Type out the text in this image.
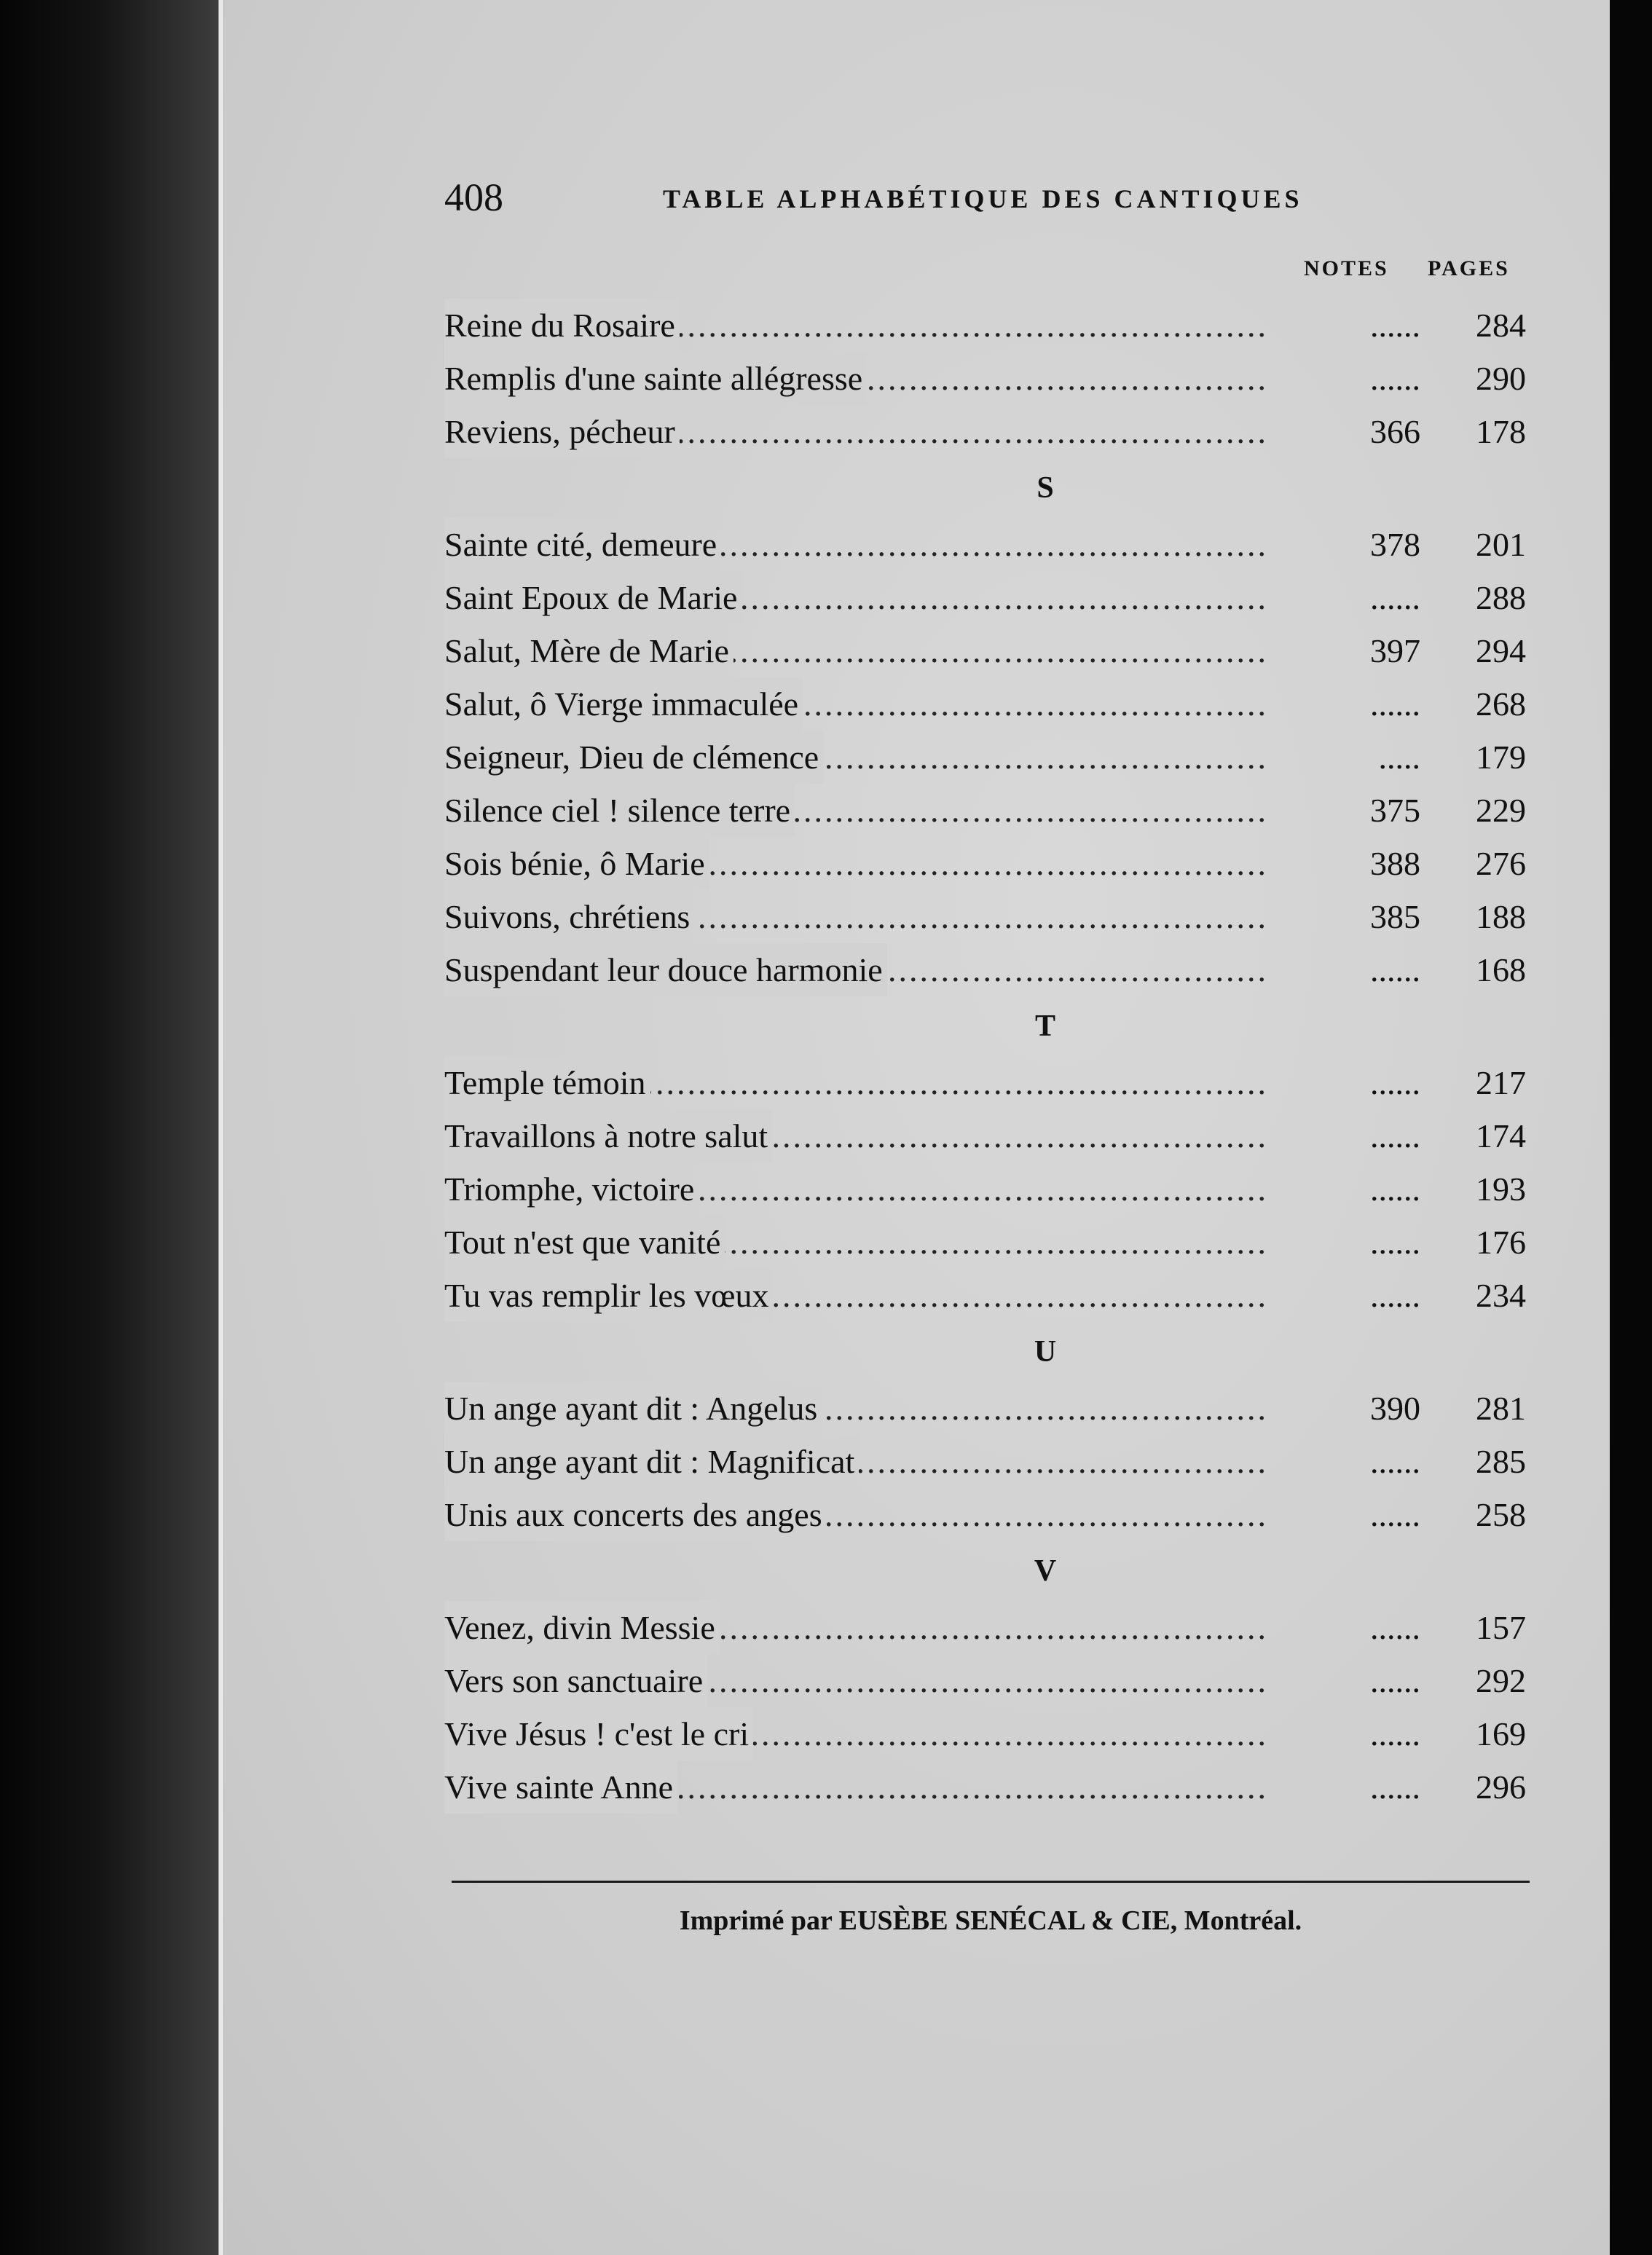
408	TABLE ALPHABÉTIQUE DES CANTIQUES
NOTES PAGES
.....
Reine du Rosaire	......	284
.....
Remplis d'une sainte allégresse	......	290
.....
Reviens, pécheur	366	178
S
.....
Sainte cité, demeure	378	201
.....
Saint Epoux de Marie	......	288
.....
Salut, Mère de Marie	397	294
.....
Salut, ô Vierge immaculée	......	268
.....
Seigneur, Dieu de clémence	.....	179
.....
Silence ciel ! silence terre	375	229
.....
Sois bénie, ô Marie	388	276
.....
Suivons, chrétiens	385	188
.....
Suspendant leur douce harmonie	......	168
T
.....
Temple témoin	......	217
.....
Travaillons à notre salut	......	174
.....
Triomphe, victoire	......	193
.....
Tout n'est que vanité	......	176
.....
Tu vas remplir les vœux	......	234
U
.....
Un ange ayant dit : Angelus	390	281
.....
Un ange ayant dit : Magnificat	......	285
.....
Unis aux concerts des anges	......	258
V
.....
Venez, divin Messie	......	157
.....
Vers son sanctuaire	......	292
.....
Vive Jésus ! c'est le cri	......	169
.....
Vive sainte Anne	......	296
Imprimé par EUSÈBE SENÉCAL & CIE, Montréal.
